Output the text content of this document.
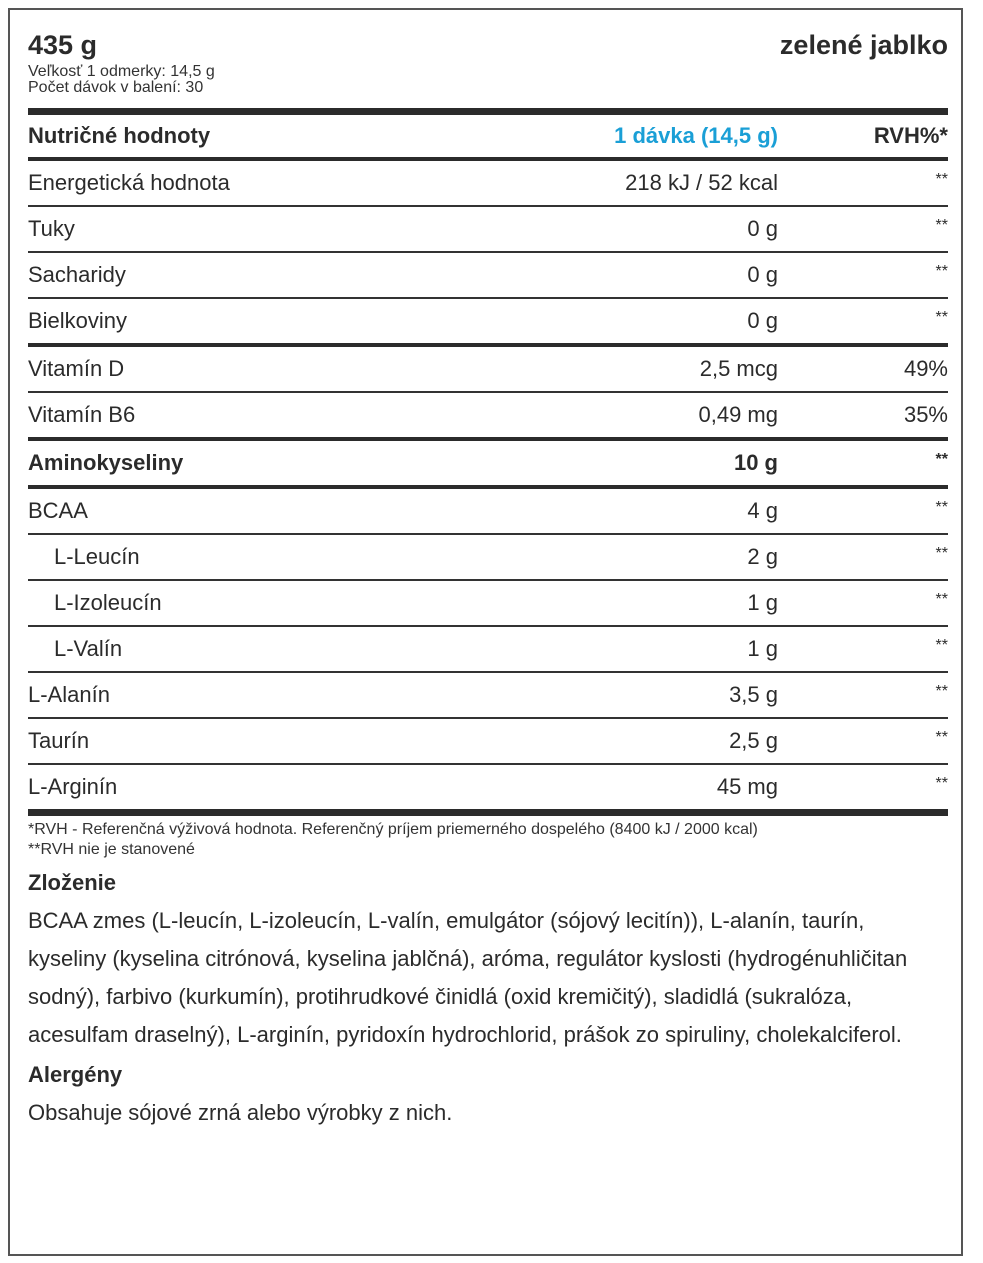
435 g	zelené jablko
Veľkosť 1 odmerky: 14,5 g
Počet dávok v balení: 30
Nutričné hodnoty	1 dávka (14,5 g)	RVH%*
Energetická hodnota	218 kJ / 52 kcal	**
Tuky	0 g	**
Sacharidy	0 g	**
Bielkoviny	0 g	**
Vitamín D	2,5 mcg	49%
Vitamín B6	0,49 mg	35%
Aminokyseliny	10 g	**
BCAA	4 g	**
L-Leucín	2 g	**
L-Izoleucín	1 g	**
L-Valín	1 g	**
L-Alanín	3,5 g	**
Taurín	2,5 g	**
L-Arginín	45 mg	**
*RVH - Referenčná výživová hodnota. Referenčný príjem priemerného dospelého (8400 kJ / 2000 kcal)
**RVH nie je stanovené
Zloženie
BCAA zmes (L-leucín, L-izoleucín, L-valín, emulgátor (sójový lecitín)), L-alanín, taurín, kyseliny (kyselina citrónová, kyselina jablčná), aróma, regulátor kyslosti (hydrogénuhličitan sodný), farbivo (kurkumín), protihrudkové činidlá (oxid kremičitý), sladidlá (sukralóza, acesulfam draselný), L-arginín, pyridoxín hydrochlorid, prášok zo spiruliny, cholekalciferol.
Alergény
Obsahuje sójové zrná alebo výrobky z nich.
